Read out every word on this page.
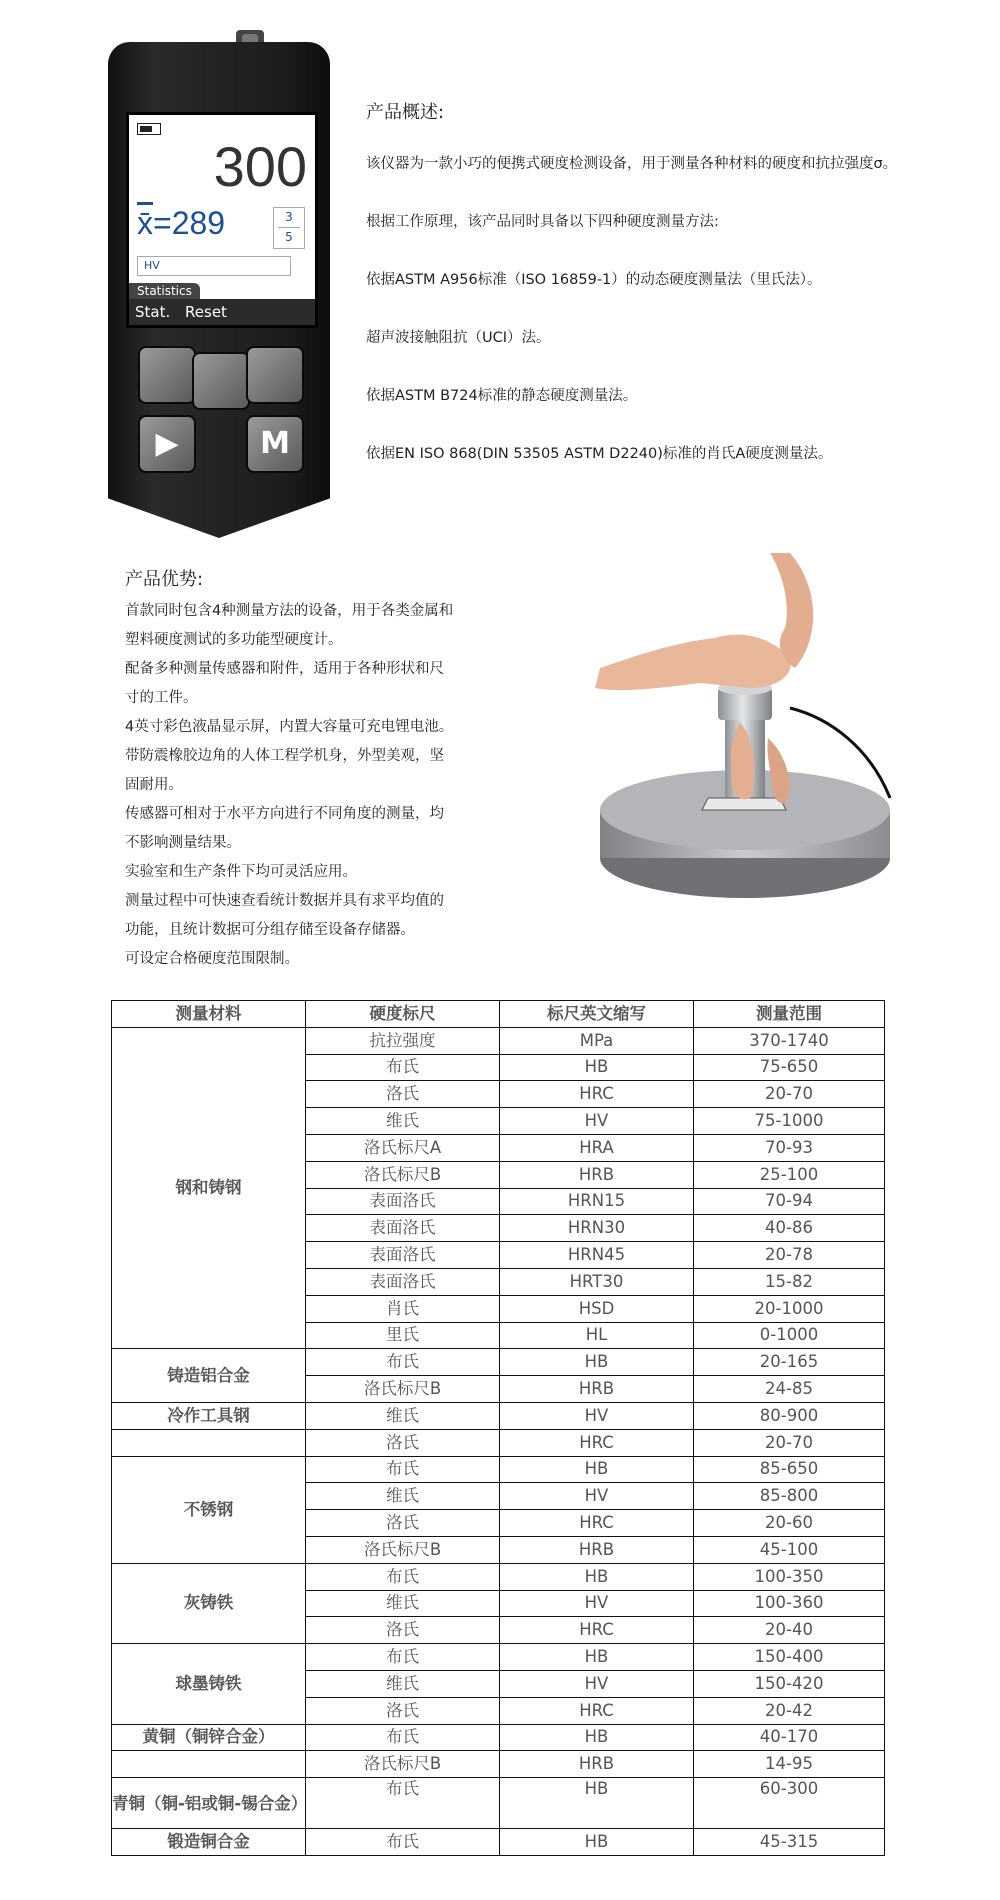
300
x̄=289	3
5
HV
Statistics
Stat. Reset
▶	M
产品概述:

该仪器为一款小巧的便携式硬度检测设备，用于测量各种材料的硬度和抗拉强度σ。

根据工作原理，该产品同时具备以下四种硬度测量方法:

依据ASTM A956标准（ISO 16859-1）的动态硬度测量法（里氏法）。

超声波接触阻抗（UCI）法。

依据ASTM B724标准的静态硬度测量法。

依据EN ISO 868(DIN 53505 ASTM D2240)标准的肖氏A硬度测量法。

产品优势:

首款同时包含4种测量方法的设备，用于各类金属和

塑料硬度测试的多功能型硬度计。

配备多种测量传感器和附件，适用于各种形状和尺

寸的工件。

4英寸彩色液晶显示屏，内置大容量可充电锂电池。

带防震橡胶边角的人体工程学机身，外型美观，坚

固耐用。

传感器可相对于水平方向进行不同角度的测量，均

不影响测量结果。

实验室和生产条件下均可灵活应用。

测量过程中可快速查看统计数据并具有求平均值的

功能，且统计数据可分组存储至设备存储器。

可设定合格硬度范围限制。

测量材料	硬度标尺	标尺英文缩写	测量范围
钢和铸钢	抗拉强度	MPa	370-1740
	布氏	HB	75-650
	洛氏	HRC	20-70
	维氏	HV	75-1000
	洛氏标尺A	HRA	70-93
	洛氏标尺B	HRB	25-100
	表面洛氏	HRN15	70-94
	表面洛氏	HRN30	40-86
	表面洛氏	HRN45	20-78
	表面洛氏	HRT30	15-82
	肖氏	HSD	20-1000
	里氏	HL	0-1000
铸造铝合金	布氏	HB	20-165
	洛氏标尺B	HRB	24-85
冷作工具钢	维氏	HV	80-900
	洛氏	HRC	20-70
不锈钢	布氏	HB	85-650
	维氏	HV	85-800
	洛氏	HRC	20-60
	洛氏标尺B	HRB	45-100
灰铸铁	布氏	HB	100-350
	维氏	HV	100-360
	洛氏	HRC	20-40
球墨铸铁	布氏	HB	150-400
	维氏	HV	150-420
	洛氏	HRC	20-42
黄铜（铜锌合金）	布氏	HB	40-170
	洛氏标尺B	HRB	14-95
青铜（铜-铝或铜-锡合金）	布氏	HB	60-300
锻造铜合金	布氏	HB	45-315
